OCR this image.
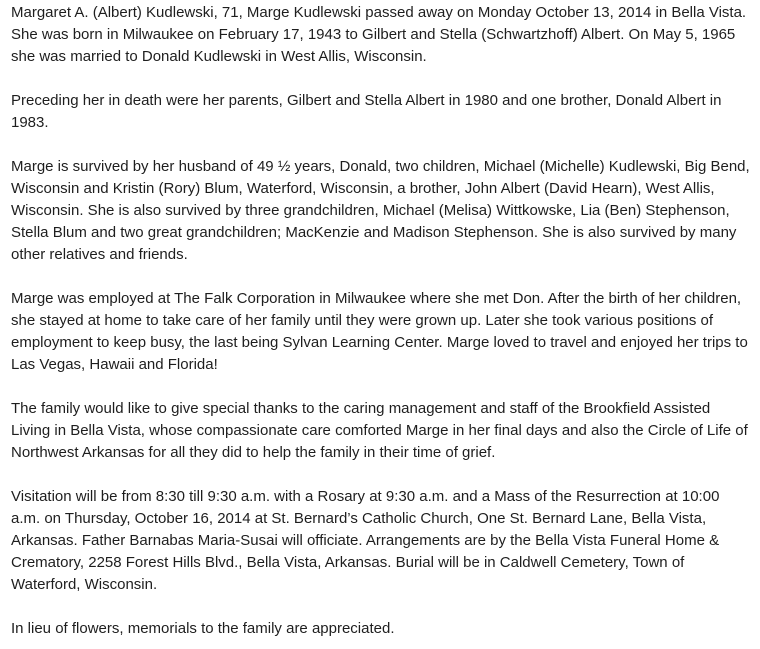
Margaret A. (Albert) Kudlewski, 71, Marge Kudlewski passed away on Monday October 13, 2014 in Bella Vista. She was born in Milwaukee on February 17, 1943 to Gilbert and Stella (Schwartzhoff) Albert. On May 5, 1965 she was married to Donald Kudlewski in West Allis, Wisconsin.

Preceding her in death were her parents, Gilbert and Stella Albert in 1980 and one brother, Donald Albert in 1983.

Marge is survived by her husband of 49 ½ years, Donald, two children, Michael (Michelle) Kudlewski, Big Bend, Wisconsin and Kristin (Rory) Blum, Waterford, Wisconsin, a brother, John Albert (David Hearn), West Allis, Wisconsin. She is also survived by three grandchildren, Michael (Melisa) Wittkowske, Lia (Ben) Stephenson, Stella Blum and two great grandchildren; MacKenzie and Madison Stephenson. She is also survived by many other relatives and friends.

Marge was employed at The Falk Corporation in Milwaukee where she met Don. After the birth of her children, she stayed at home to take care of her family until they were grown up. Later she took various positions of employment to keep busy, the last being Sylvan Learning Center. Marge loved to travel and enjoyed her trips to Las Vegas, Hawaii and Florida!

The family would like to give special thanks to the caring management and staff of the Brookfield Assisted Living in Bella Vista, whose compassionate care comforted Marge in her final days and also the Circle of Life of Northwest Arkansas for all they did to help the family in their time of grief.

Visitation will be from 8:30 till 9:30 a.m. with a Rosary at 9:30 a.m. and a Mass of the Resurrection at 10:00 a.m. on Thursday, October 16, 2014 at St. Bernard’s Catholic Church, One St. Bernard Lane, Bella Vista, Arkansas. Father Barnabas Maria-Susai will officiate. Arrangements are by the Bella Vista Funeral Home & Crematory, 2258 Forest Hills Blvd., Bella Vista, Arkansas. Burial will be in Caldwell Cemetery, Town of Waterford, Wisconsin.

In lieu of flowers, memorials to the family are appreciated.
